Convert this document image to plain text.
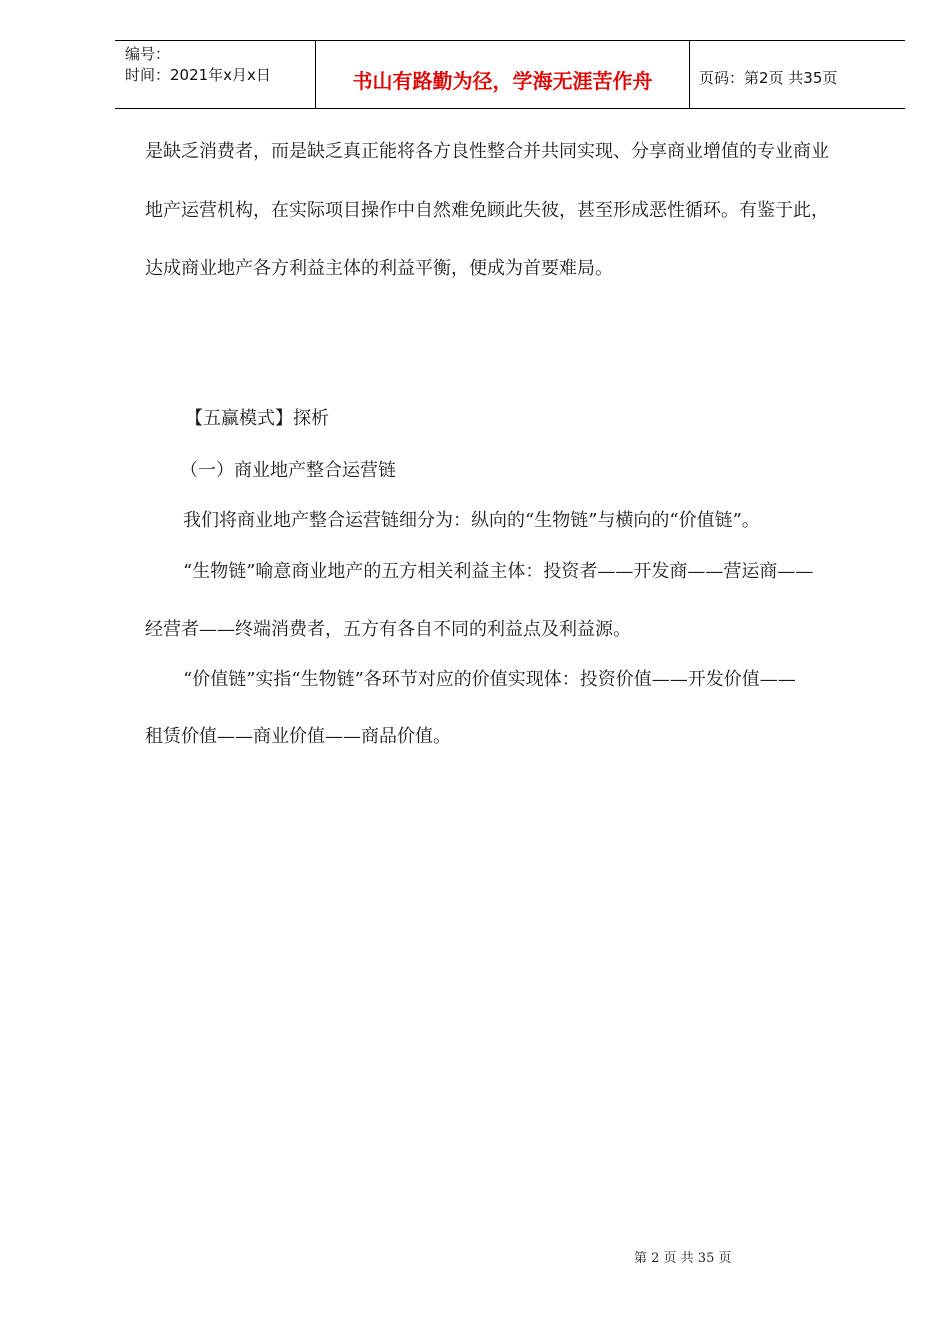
编号：
时间：2021年x月x日	书山有路勤为径，学海无涯苦作舟	页码：第2页 共35页
是缺乏消费者，而是缺乏真正能将各方良性整合并共同实现、分享商业增值的专业商业
地产运营机构，在实际项目操作中自然难免顾此失彼，甚至形成恶性循环。有鉴于此，
达成商业地产各方利益主体的利益平衡，便成为首要难局。
【五赢模式】探析
（一）商业地产整合运营链
我们将商业地产整合运营链细分为：纵向的“生物链”与横向的“价值链”。
“生物链”喻意商业地产的五方相关利益主体：投资者——开发商——营运商——
经营者——终端消费者，五方有各自不同的利益点及利益源。
“价值链”实指“生物链”各环节对应的价值实现体：投资价值——开发价值——
租赁价值——商业价值——商品价值。
第 2 页 共 35 页
